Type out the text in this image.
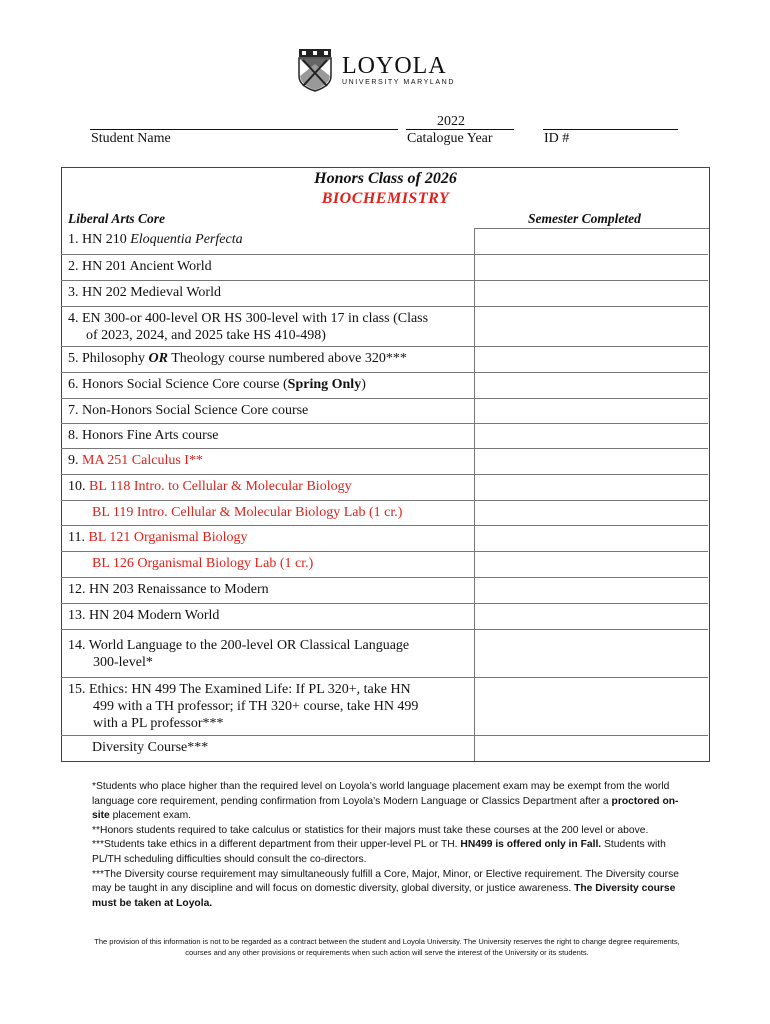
LOYOLA
UNIVERSITY MARYLAND
Student Name
2022
Catalogue Year	ID #
Honors Class of 2026
BIOCHEMISTRY
Liberal Arts Core	Semester Completed
1. HN 210 Eloquentia Perfecta
2. HN 201 Ancient World
3. HN 202 Medieval World
4. EN 300-or 400-level OR HS 300-level with 17 in class (Class
of 2023, 2024, and 2025 take HS 410-498)
5. Philosophy OR Theology course numbered above 320***
6. Honors Social Science Core course (Spring Only)
7. Non-Honors Social Science Core course
8. Honors Fine Arts course
9. MA 251 Calculus I**
10. BL 118 Intro. to Cellular & Molecular Biology
BL 119 Intro. Cellular & Molecular Biology Lab (1 cr.)
11. BL 121 Organismal Biology
BL 126 Organismal Biology Lab (1 cr.)
12. HN 203 Renaissance to Modern
13. HN 204 Modern World
14. World Language to the 200-level OR Classical Language
300-level*
15. Ethics: HN 499 The Examined Life: If PL 320+, take HN
499 with a TH professor; if TH 320+ course, take HN 499
with a PL professor***
Diversity Course***

*Students who place higher than the required level on Loyola’s world language placement exam may be exempt from the world language core requirement, pending confirmation from Loyola’s Modern Language or Classics Department after a proctored on-site placement exam.

**Honors students required to take calculus or statistics for their majors must take these courses at the 200 level or above.

***Students take ethics in a different department from their upper-level PL or TH. HN499 is offered only in Fall. Students with PL/TH scheduling difficulties should consult the co-directors.

***The Diversity course requirement may simultaneously fulfill a Core, Major, Minor, or Elective requirement. The Diversity course may be taught in any discipline and will focus on domestic diversity, global diversity, or justice awareness. The Diversity course must be taken at Loyola.

The provision of this information is not to be regarded as a contract between the student and Loyola University. The University reserves the right to change degree requirements, courses and any other provisions or requirements when such action will serve the interest of the University or its students.
